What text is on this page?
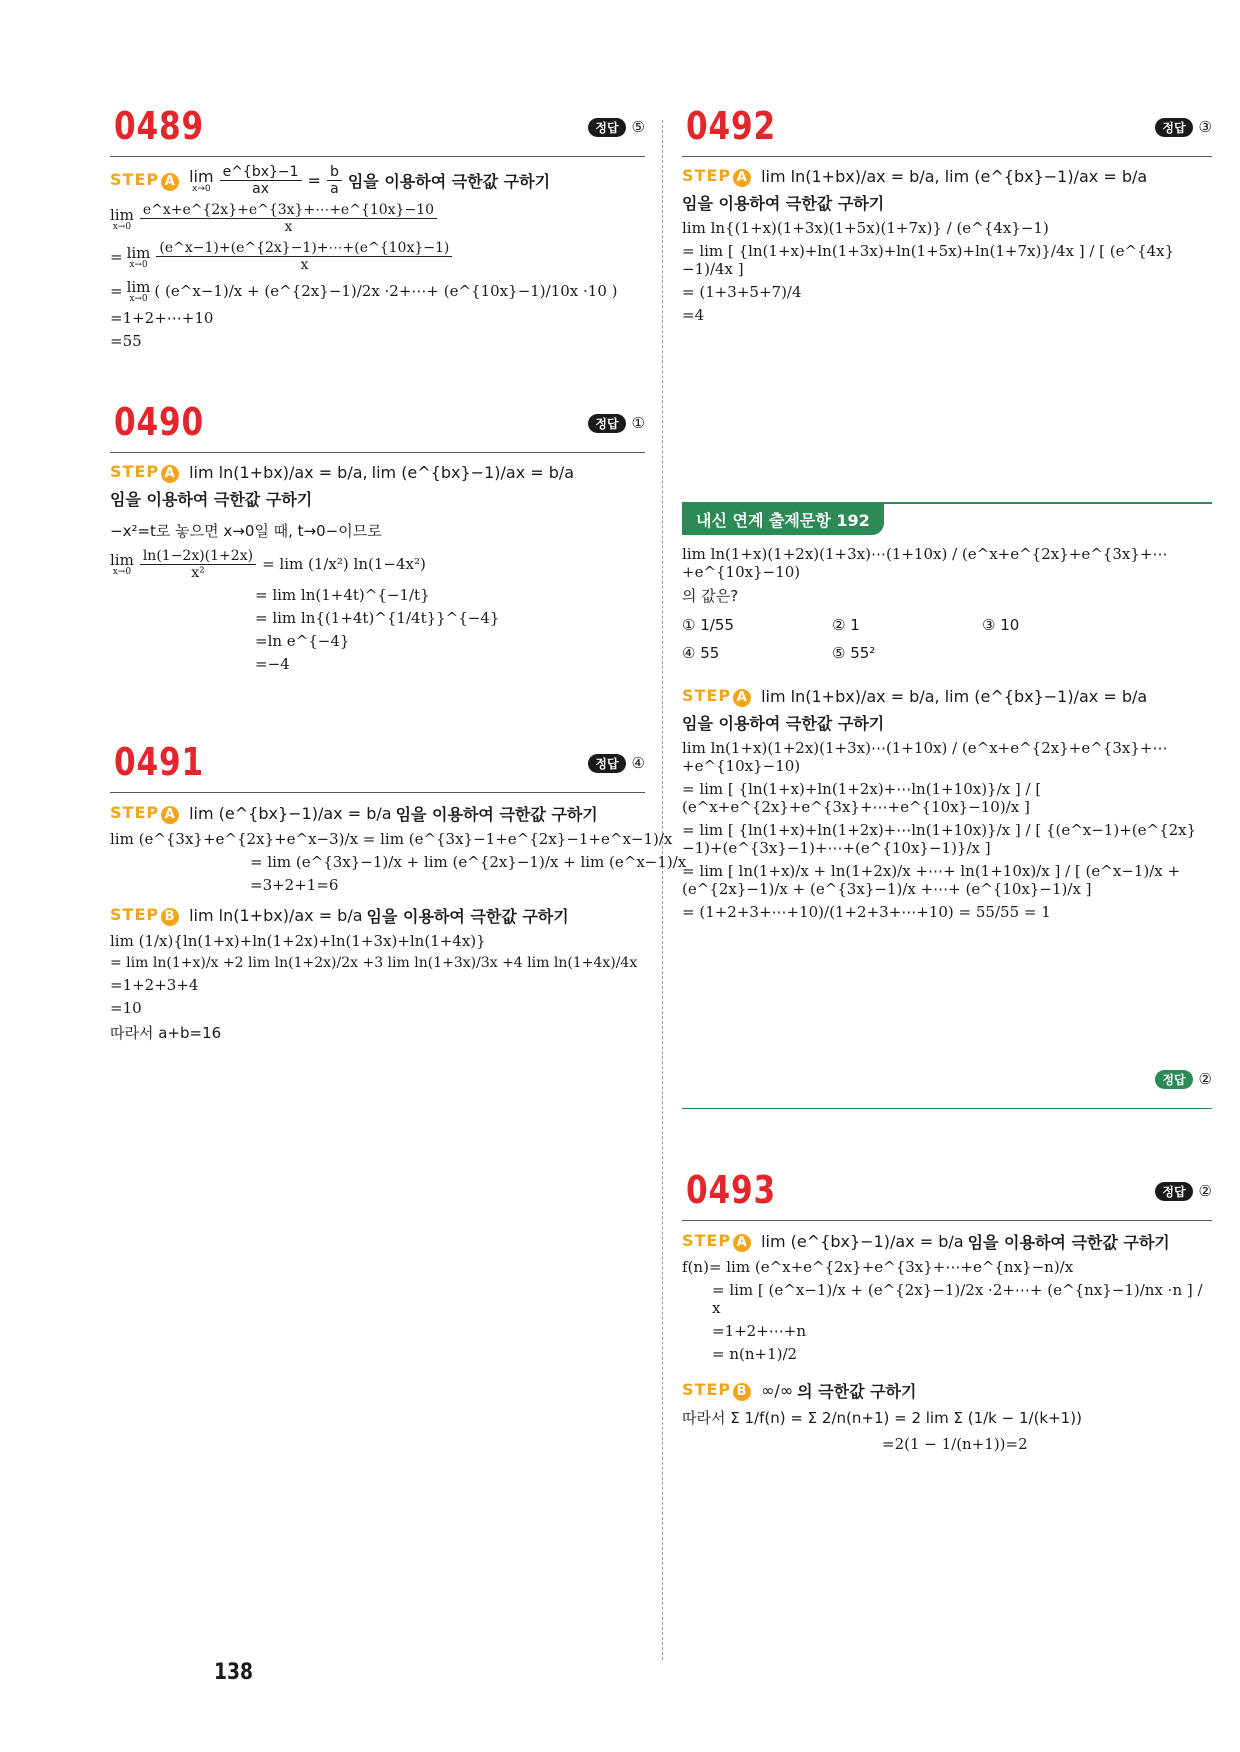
0489	정답 ⑤
STEP A lim
$x\to 0 \frac{e\^{}\{bx\}-1}{ax} = \frac{b}{a}$ 임을 이용하여 극한값 구하기
lim
$x\to 0 \frac{e\^{}x+e\^{}\{2x\}+e\^{}\{3x\}+\cdots+e\^{}\{10x\}-10}{x}$
= lim
$x\to 0 \frac{(e\^{}x-1)+(e\^{}\{2x\}-1)+\cdots+(e\^{}\{10x\}-1)}{x}$
= lim
x→0 ( (e^x−1)/x + (e^{2x}−1)/2x ·2+⋯+ (e^{10x}−1)/10x ·10 )
=1+2+⋯+10
=55
0490	정답 ①
STEP A lim ln(1+bx)/ax = b/a, lim (e^{bx}−1)/ax = b/a
임을 이용하여 극한값 구하기
−x²=t로 놓으면 x→0일 때, t→0−이므로
lim
$x\to 0 \frac{\ln(1-2x)(1+2x)}{\text{x²}} = \lim (1/x^2)$ ln(1−4x²)
= lim ln(1+4t)^{−1/t}
= lim ln{(1+4t)^{1/4t}}^{−4}
=ln e^{−4}
=−4
0491	정답 ④
STEP A lim (e^{bx}−1)/ax = b/a 임을 이용하여 극한값 구하기
lim (e^{3x}+e^{2x}+e^x−3)/x = lim (e^{3x}−1+e^{2x}−1+e^x−1)/x
= lim (e^{3x}−1)/x + lim (e^{2x}−1)/x + lim (e^x−1)/x
=3+2+1=6
STEP B lim ln(1+bx)/ax = b/a 임을 이용하여 극한값 구하기
lim (1/x){ln(1+x)+ln(1+2x)+ln(1+3x)+ln(1+4x)}
= lim ln(1+x)/x +2 lim ln(1+2x)/2x +3 lim ln(1+3x)/3x +4 lim ln(1+4x)/4x
=1+2+3+4
=10
따라서 a+b=16
138
0492	정답 ③
STEP A lim ln(1+bx)/ax = b/a, lim (e^{bx}−1)/ax = b/a
임을 이용하여 극한값 구하기
lim ln{(1+x)(1+3x)(1+5x)(1+7x)} / (e^{4x}−1)
= lim [ {ln(1+x)+ln(1+3x)+ln(1+5x)+ln(1+7x)}/4x ] / [ (e^{4x}−1)/4x ]
= (1+3+5+7)/4
=4
내신 연계 출제문항 192
lim ln(1+x)(1+2x)(1+3x)⋯(1+10x) / (e^x+e^{2x}+e^{3x}+⋯+e^{10x}−10)
의 값은?
① 1/55	② 1	③ 10
④ 55	⑤ 55²
STEP A lim ln(1+bx)/ax = b/a, lim (e^{bx}−1)/ax = b/a
임을 이용하여 극한값 구하기
lim ln(1+x)(1+2x)(1+3x)⋯(1+10x) / (e^x+e^{2x}+e^{3x}+⋯+e^{10x}−10)
= lim [ {ln(1+x)+ln(1+2x)+⋯ln(1+10x)}/x ] / [ (e^x+e^{2x}+e^{3x}+⋯+e^{10x}−10)/x ]
= lim [ {ln(1+x)+ln(1+2x)+⋯ln(1+10x)}/x ] / [ {(e^x−1)+(e^{2x}−1)+(e^{3x}−1)+⋯+(e^{10x}−1)}/x ]
= lim [ ln(1+x)/x + ln(1+2x)/x +⋯+ ln(1+10x)/x ] / [ (e^x−1)/x + (e^{2x}−1)/x + (e^{3x}−1)/x +⋯+ (e^{10x}−1)/x ]
= (1+2+3+⋯+10)/(1+2+3+⋯+10) = 55/55 = 1
정답 ②
0493	정답 ②
STEP A lim (e^{bx}−1)/ax = b/a 임을 이용하여 극한값 구하기
f(n)= lim (e^x+e^{2x}+e^{3x}+⋯+e^{nx}−n)/x
= lim [ (e^x−1)/x + (e^{2x}−1)/2x ·2+⋯+ (e^{nx}−1)/nx ·n ] / x
=1+2+⋯+n
= n(n+1)/2
STEP B ∞/∞ 의 극한값 구하기
따라서 Σ 1/f(n) = Σ 2/n(n+1) = 2 lim Σ (1/k − 1/(k+1))
=2(1 − 1/(n+1))=2
